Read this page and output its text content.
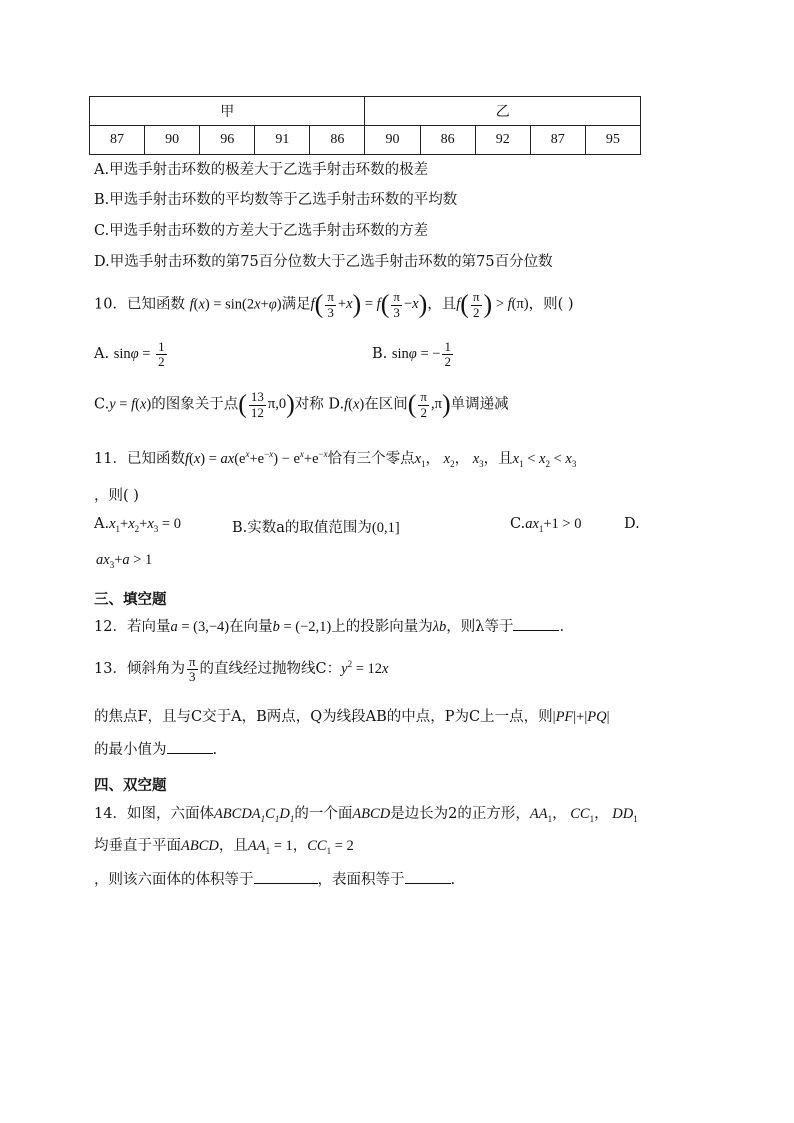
甲					乙				
87	90	96	91	86	90	86	92	87	95
A.甲选手射击环数的极差大于乙选手射击环数的极差
B.甲选手射击环数的平均数等于乙选手射击环数的平均数
C.甲选手射击环数的方差大于乙选手射击环数的方差
D.甲选手射击环数的第75百分位数大于乙选手射击环数的第75百分位数
10．已知函数 f(x) = sin(2x+φ)满足$f( \frac{\pi}{3} +x) = f( \frac{\pi}{3} -x)$，且$f( \frac{\pi}{2}$ ) > f(π)，则( )
A. $\sin\varphi = \frac{1}{2}$	B. sinφ = − $\frac{1}{2}$
C.y = f(x)的图象关于点( $\frac{13}{12} \pi,0$)对称 D.f(x)在区间( $\frac{\pi}{2} ,\pi$)单调递减
11．已知函数$f(x) = ax(e^x+e^{-x}) - e^x+e^{-x}$恰有三个零点$x_1$， $x_2$， $x_3$，且$x_1 < x_2 < x_3$
，则( )
$A.x_1+x_2+x_3 = 0$	B.实数a的取值范围为(0,1]	$C.ax_1+1 > 0$	D.
$ax_3+a > 1$
三、填空题
12．若向量a = (3,−4)在向量b = (−2,1)上的投影向量为λb，则λ等于	.
13．倾斜角为 $\frac{\pi}{3}$ 的直线经过抛物线C：$y^2 = 12x$
的焦点F，且与C交于A，B两点，Q为线段AB的中点，P为C上一点，则|PF|+|PQ|
的最小值为	.
四、双空题
14．如图，六面体$ABCDA_1C_1D_1$的一个面ABCD是边长为2的正方形，$AA_1$， $CC_1$， $DD_1$
均垂直于平面ABCD，且$AA_1 = 1$，$CC_1 = 2$
，则该六面体的体积等于	，表面积等于	.
